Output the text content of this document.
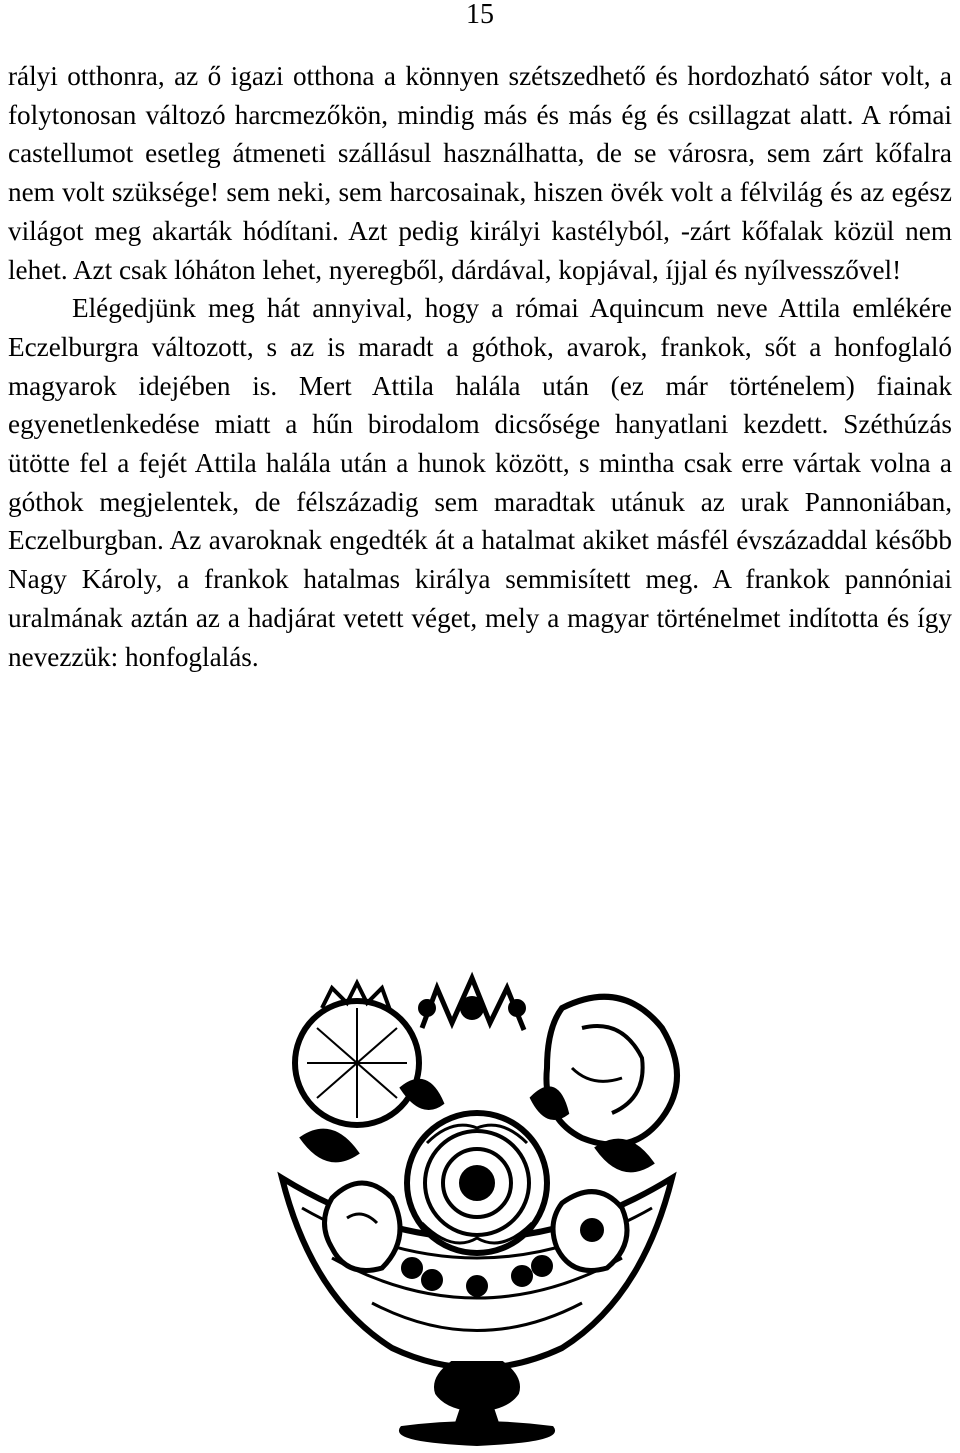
15

rályi otthonra, az ő igazi otthona a könnyen szétszedhető és hordozható sátor volt, a folytonosan változó harcmezőkön, mindig más és más ég és csillagzat alatt. A római castellumot esetleg átmeneti szállásul használhatta, de se városra, sem zárt kőfalra nem volt szüksége! sem neki, sem harcosainak, hiszen övék volt a félvilág és az egész világot meg akarták hódítani. Azt pedig királyi kastélyból, -zárt kőfalak közül nem lehet. Azt csak lóháton lehet, nyeregből, dárdával, kopjával, íjjal és nyílvesszővel!

Elégedjünk meg hát annyival, hogy a római Aquincum neve Attila emlékére Eczelburgra változott, s az is maradt a góthok, avarok, frankok, sőt a honfoglaló magyarok idejében is. Mert Attila halála után (ez már történelem) fiainak egyenetlenkedése miatt a hűn birodalom dicsősége hanyatlani kezdett. Széthúzás ütötte fel a fejét Attila halála után a hunok között, s mintha csak erre vártak volna a góthok megjelentek, de félszázadig sem maradtak utánuk az urak Pannoniában, Eczelburgban. Az avaroknak engedték át a hatalmat akiket másfél évszázaddal később Nagy Károly, a frankok hatalmas királya semmisített meg. A frankok pannóniai uralmának aztán az a hadjárat vetett véget, mely a magyar történelmet indította és így nevezzük: honfoglalás.
